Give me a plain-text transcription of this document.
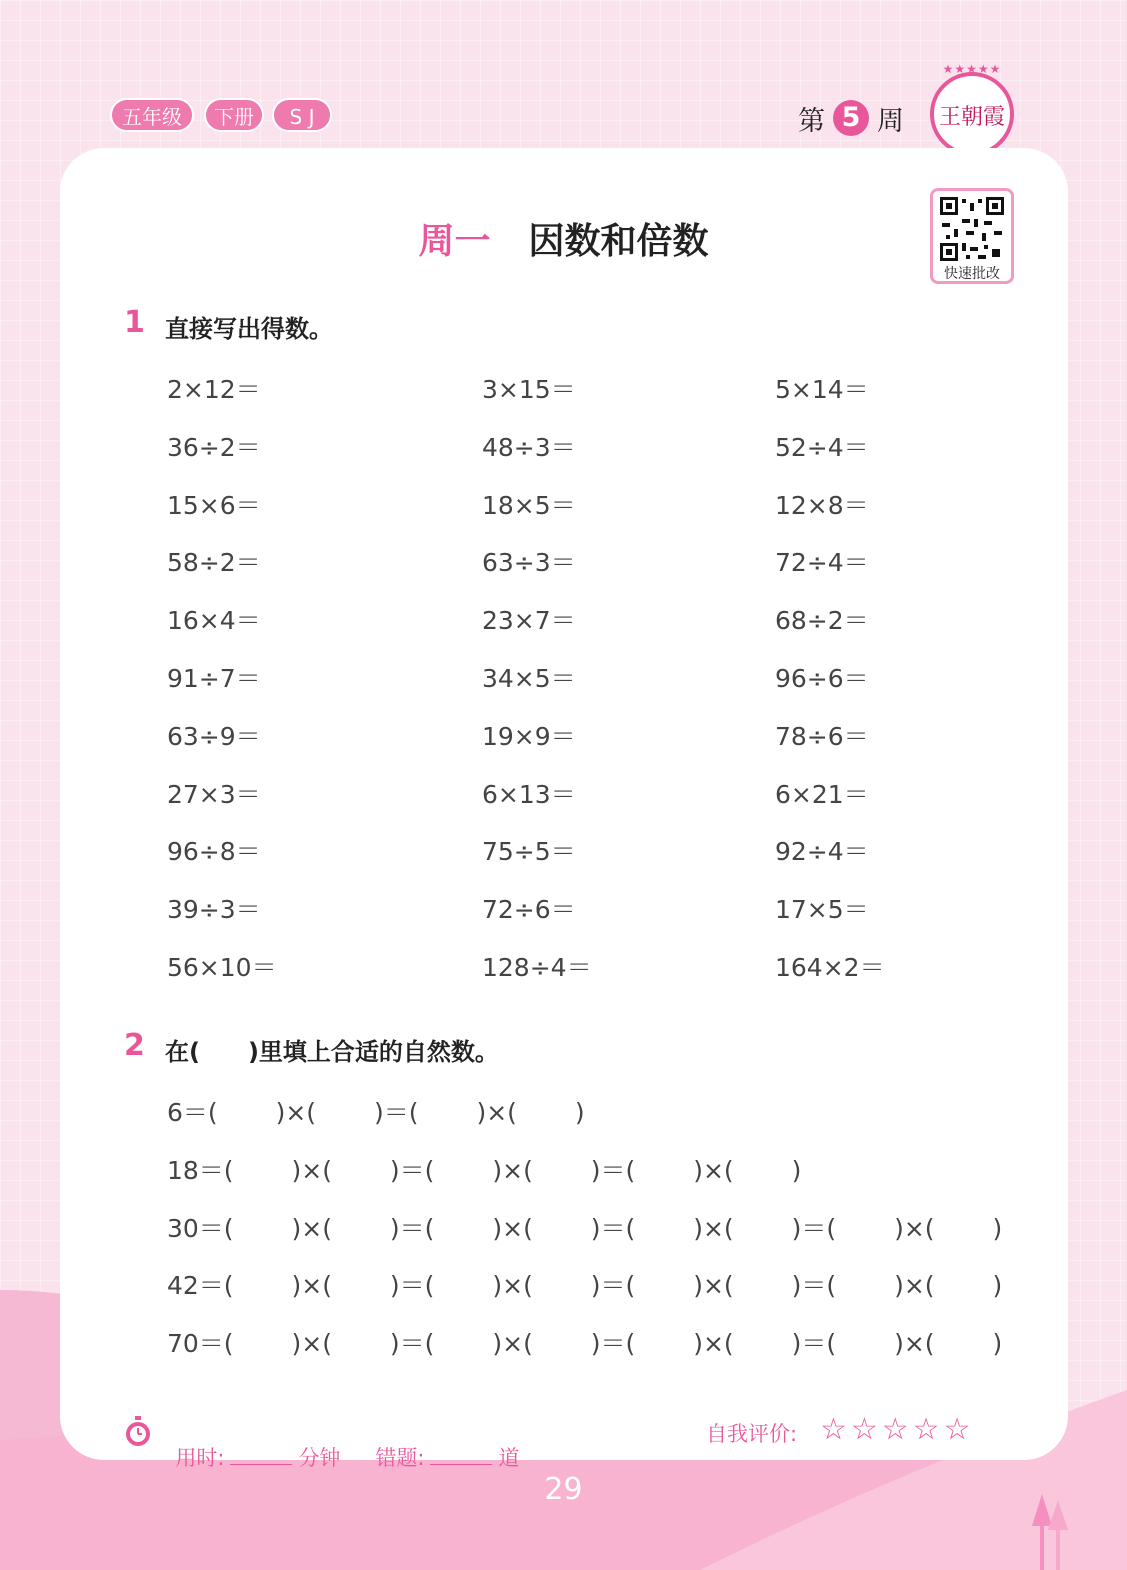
五年级	下册	S J	第 5 周
★★★★★
王朝霞
周一 因数和倍数
快速批改
1 直接写出得数。
2×12＝	3×15＝	5×14＝
36÷2＝	48÷3＝	52÷4＝
15×6＝	18×5＝	12×8＝
58÷2＝	63÷3＝	72÷4＝
16×4＝	23×7＝	68÷2＝
91÷7＝	34×5＝	96÷6＝
63÷9＝	19×9＝	78÷6＝
27×3＝	6×13＝	6×21＝
96÷8＝	75÷5＝	92÷4＝
39÷3＝	72÷6＝	17×5＝
56×10＝	128÷4＝	164×2＝
2 在(　　)里填上合适的自然数。
6＝(　　 )×(　　 )＝(　　 )×(　　 )
18＝(　　 )×(　　 )＝(　　 )×(　　 )＝(　　 )×(　　 )
30＝(　　 )×(　　 )＝(　　 )×(　　 )＝(　　 )×(　　 )＝(　　 )×(　　 )
42＝(　　 )×(　　 )＝(　　 )×(　　 )＝(　　 )×(　　 )＝(　　 )×(　　 )
70＝(　　 )×(　　 )＝(　　 )×(　　 )＝(　　 )×(　　 )＝(　　 )×(　　 )

用时:	分钟	错题:	道

自我评价: ☆☆☆☆☆
29
